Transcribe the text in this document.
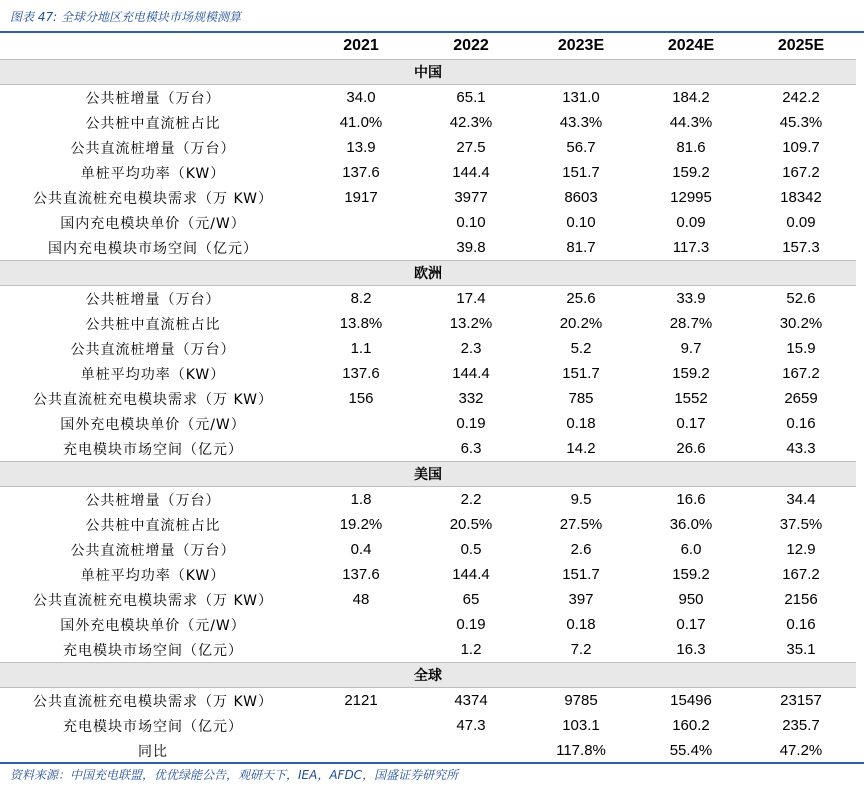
图表 47: 全球分地区充电模块市场规模测算
	2021	2022	2023E	2024E	2025E
中国					
公共桩增量（万台）	34.0	65.1	131.0	184.2	242.2
公共桩中直流桩占比	41.0%	42.3%	43.3%	44.3%	45.3%
公共直流桩增量（万台）	13.9	27.5	56.7	81.6	109.7
单桩平均功率（KW）	137.6	144.4	151.7	159.2	167.2
公共直流桩充电模块需求（万 KW）	1917	3977	8603	12995	18342
国内充电模块单价（元/W）		0.10	0.10	0.09	0.09
国内充电模块市场空间（亿元）		39.8	81.7	117.3	157.3
欧洲					
公共桩增量（万台）	8.2	17.4	25.6	33.9	52.6
公共桩中直流桩占比	13.8%	13.2%	20.2%	28.7%	30.2%
公共直流桩增量（万台）	1.1	2.3	5.2	9.7	15.9
单桩平均功率（KW）	137.6	144.4	151.7	159.2	167.2
公共直流桩充电模块需求（万 KW）	156	332	785	1552	2659
国外充电模块单价（元/W）		0.19	0.18	0.17	0.16
充电模块市场空间（亿元）		6.3	14.2	26.6	43.3
美国					
公共桩增量（万台）	1.8	2.2	9.5	16.6	34.4
公共桩中直流桩占比	19.2%	20.5%	27.5%	36.0%	37.5%
公共直流桩增量（万台）	0.4	0.5	2.6	6.0	12.9
单桩平均功率（KW）	137.6	144.4	151.7	159.2	167.2
公共直流桩充电模块需求（万 KW）	48	65	397	950	2156
国外充电模块单价（元/W）		0.19	0.18	0.17	0.16
充电模块市场空间（亿元）		1.2	7.2	16.3	35.1
全球					
公共直流桩充电模块需求（万 KW）	2121	4374	9785	15496	23157
充电模块市场空间（亿元）		47.3	103.1	160.2	235.7
同比			117.8%	55.4%	47.2%
资料来源：中国充电联盟，优优绿能公告，观研天下，IEA，AFDC，国盛证券研究所
